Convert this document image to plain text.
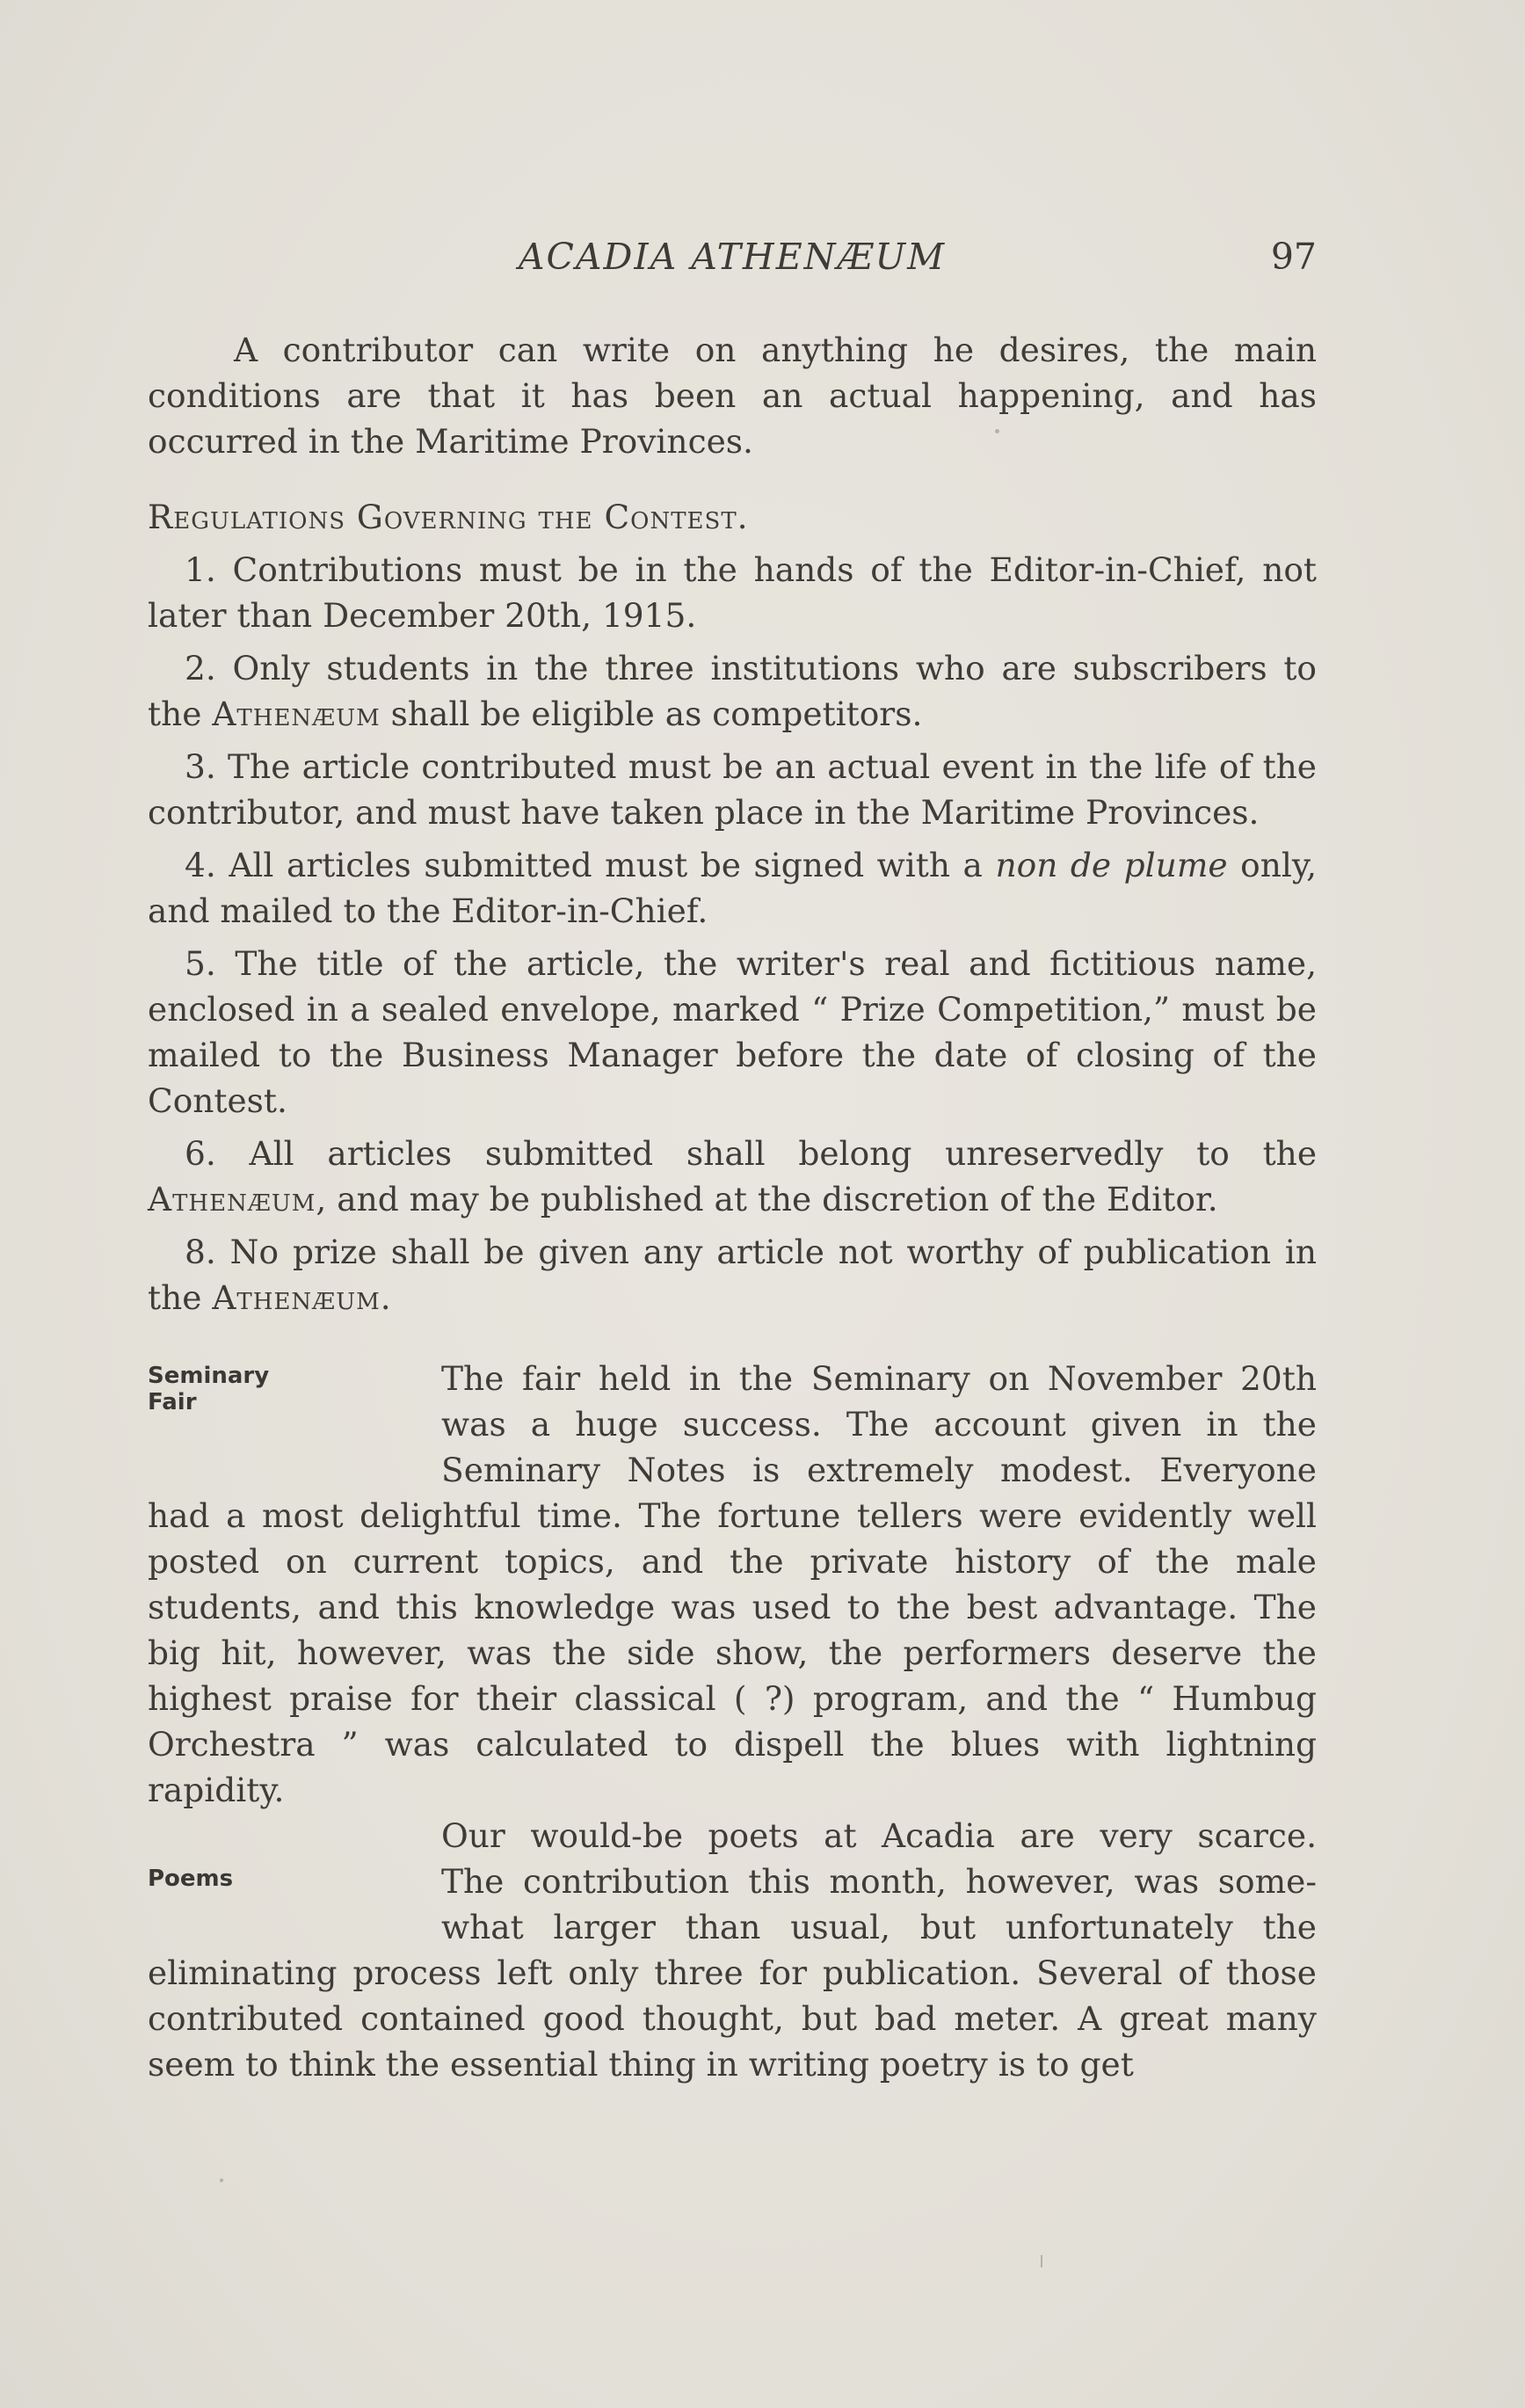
ACADIA ATHENÆUM	97

A contributor can write on anything he desires, the main conditions are that it has been an actual happening, and has occurred in the Maritime Provinces.

Regulations Governing the Contest.

1. Contributions must be in the hands of the Editor-in-Chief, not later than December 20th, 1915.

2. Only students in the three institutions who are subscribers to the Athenæum shall be eligible as competitors.

3. The article contributed must be an actual event in the life of the contributor, and must have taken place in the Maritime Provinces.

4. All articles submitted must be signed with a non de plume only, and mailed to the Editor-in-Chief.

5. The title of the article, the writer's real and fictitious name, enclosed in a sealed envelope, marked “ Prize Competition,” must be mailed to the Business Manager before the date of closing of the Contest.

6. All articles submitted shall belong unreservedly to the Athenæum, and may be published at the discretion of the Editor.

8. No prize shall be given any article not worthy of publication in the Athenæum.

Seminary
Fair

The fair held in the Seminary on November 20th

was a huge success. The account given in the

Seminary Notes is extremely modest. Everyone

had a most delightful time. The fortune tellers were evidently well posted on current topics, and the private history of the male students, and this knowledge was used to the best advantage. The big hit, however, was the side show, the performers deserve the highest praise for their classical ( ?) program, and the “ Humbug Orchestra ” was calculated to dispell the blues with lightning rapidity.

Poems

Our would-be poets at Acadia are very scarce.

The contribution this month, however, was some-

what larger than usual, but unfortunately the

eliminating process left only three for publication. Several of those contributed contained good thought, but bad meter. A great many seem to think the essential thing in writing poetry is to get
